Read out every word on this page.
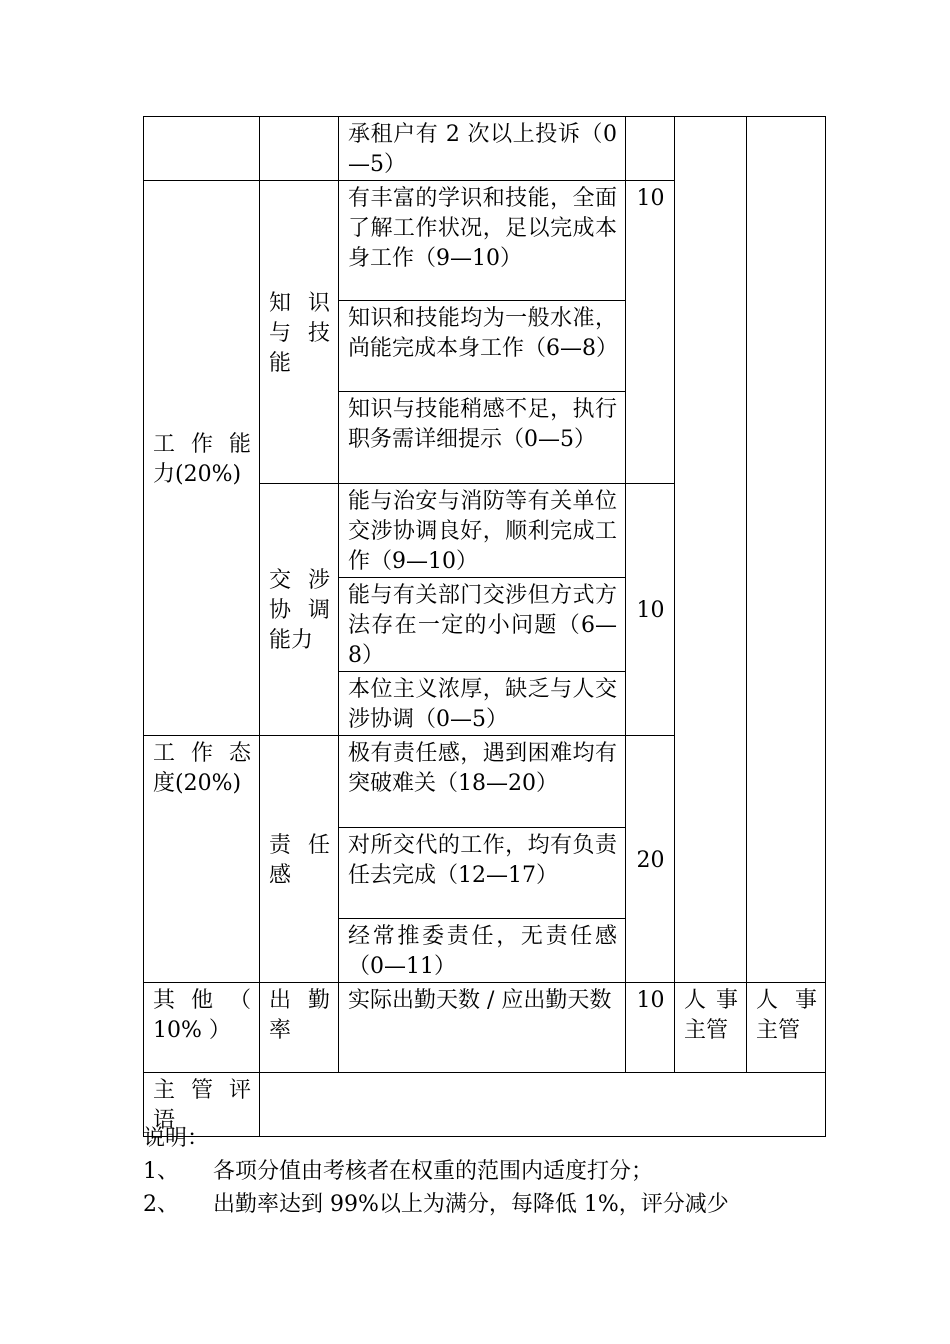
		承租户有 2 次以上投诉（0—5）			

工 作 能 力(20%)	知 识 与 技能	有丰富的学识和技能，全面了解工作状况，足以完成本身工作（9—10）	10		

		知识和技能均为一般水准，尚能完成本身工作（6—8）			

		知识与技能稍感不足，执行职务需详细提示（0—5）			

	交 涉 协 调 能力	能与治安与消防等有关单位交涉协调良好，顺利完成工作（9—10）	10		

		能与有关部门交涉但方式方法存在一定的小问题（6—8）			

		本位主义浓厚，缺乏与人交涉协调（0—5）			

工 作 态 度(20%)	责 任 感	极有责任感，遇到困难均有突破难关（18—20）	20		

		对所交代的工作，均有负责任去完成（12—17）			

		经常推委责任，无责任感（0—11）			

其 他 （ 10% ）	出 勤 率	实际出勤天数 / 应出勤天数	10	人事主管	人事主管

主 管 评 语					

说明：
1、	各项分值由考核者在权重的范围内适度打分；
2、	出勤率达到 99%以上为满分，每降低 1%，评分减少
